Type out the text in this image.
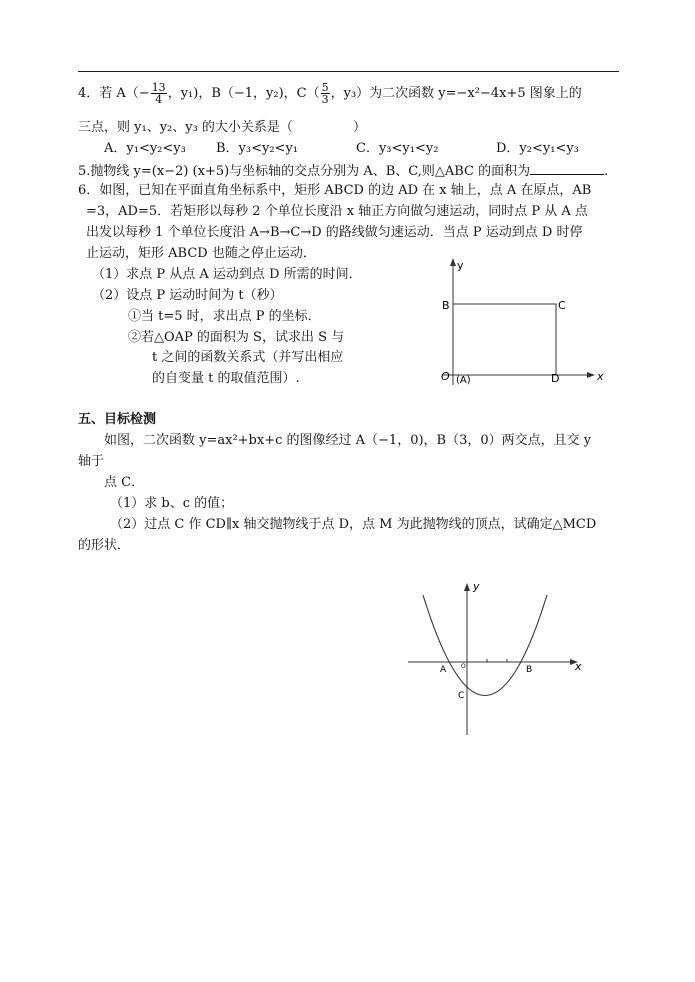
4．若 $A(- \frac{13}{4}$ ，y₁)，B（−1，y₂)，$C( \frac{5}{3}$ ，y₃）为二次函数 y=−x²−4x+5 图象上的
三点，则 y₁、y₂、y₃ 的大小关系是（	）
A．y₁<y₂<y₃ B．y₃<y₂<y₁	C．y₃<y₁<y₂	D．y₂<y₁<y₃
5.抛物线 y=(x−2) (x+5)与坐标轴的交点分别为 A、B、C,则△ABC 的面积为	.
6．如图，已知在平面直角坐标系中，矩形 ABCD 的边 AD 在 x 轴上，点 A 在原点，AB
=3，AD=5．若矩形以每秒 2 个单位长度沿 x 轴正方向做匀速运动，同时点 P 从 A 点
出发以每秒 1 个单位长度沿 A→B→C→D 的路线做匀速运动．当点 P 运动到点 D 时停
止运动，矩形 ABCD 也随之停止运动．
（1）求点 P 从点 A 运动到点 D 所需的时间．
（2）设点 P 运动时间为 t（秒）
①当 t=5 时，求出点 P 的坐标．
②若△OAP 的面积为 S，试求出 S 与
t 之间的函数关系式（并写出相应
的自变量 t 的取值范围）.
y
x
B	C
O (A)	D
五、目标检测
如图，二次函数 y=ax²+bx+c 的图像经过 A（−1，0)，B（3，0）两交点，且交 y
轴于
点 C．
（1）求 b、c 的值；
（2）过点 C 作 CD∥x 轴交抛物线于点 D，点 M 为此抛物线的顶点，试确定△MCD
的形状．
y
x
A O	B
C
